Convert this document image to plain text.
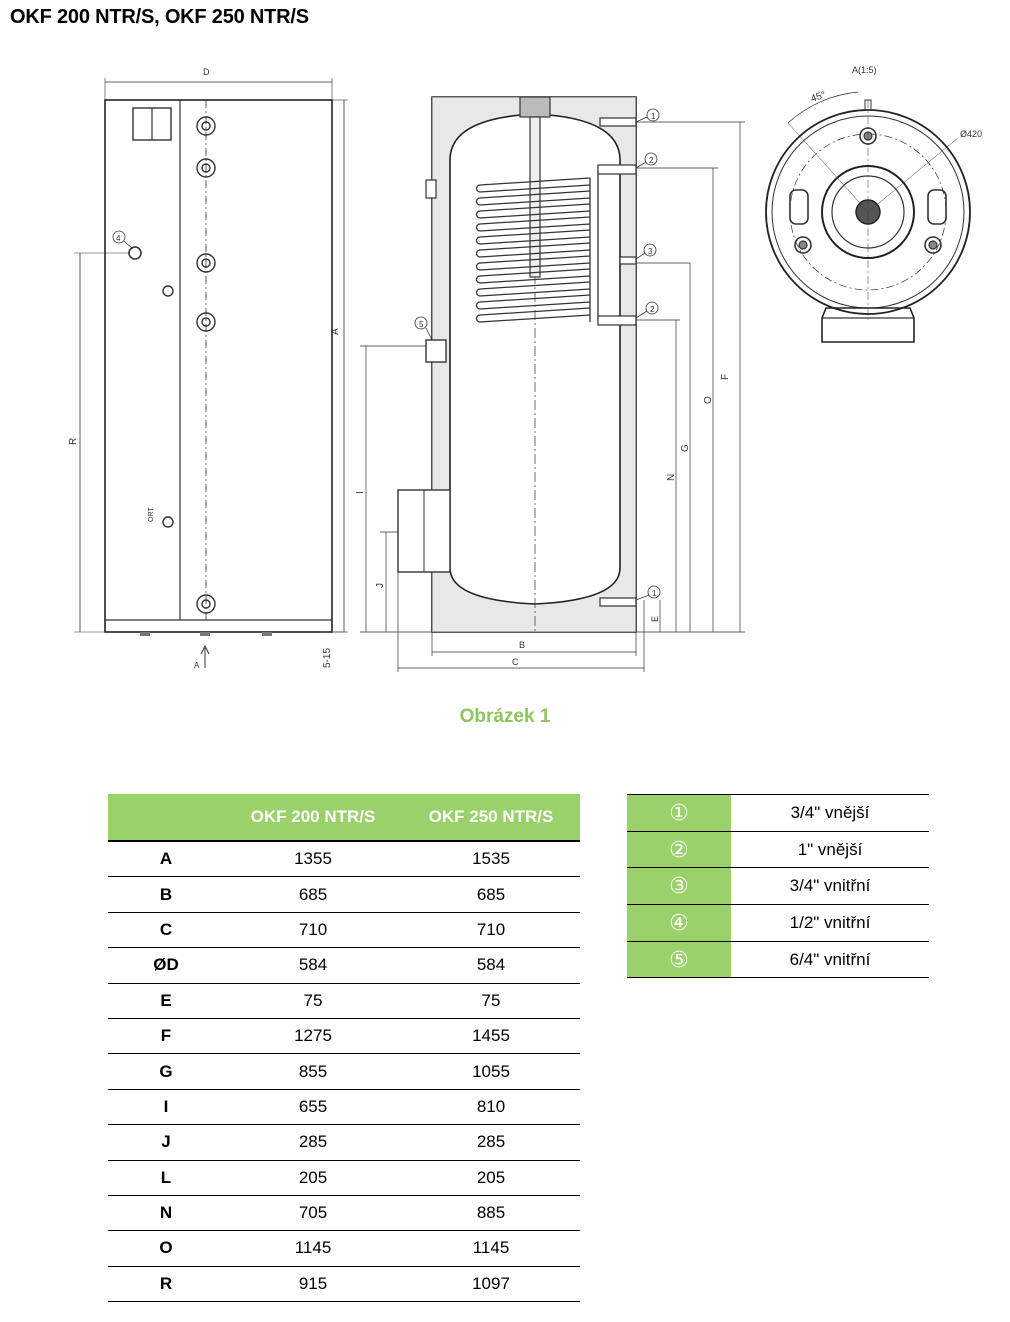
OKF 200 NTR/S, OKF 250 NTR/S
ORT
D
A
R
4
A	5-15
1
2
3
2
1
5
F
O
G
N
E
I
J
B
C
A(1:5)
45°
Ø420
Obrázek 1
	OKF 200 NTR/S	OKF 250 NTR/S
A	1355	1535
B	685	685
C	710	710
ØD	584	584
E	75	75
F	1275	1455
G	855	1055
I	655	810
J	285	285
L	205	205
N	705	885
O	1145	1145
R	915	1097
①	3/4" vnější
②	1" vnější
③	3/4" vnitřní
④	1/2" vnitřní
⑤	6/4" vnitřní
